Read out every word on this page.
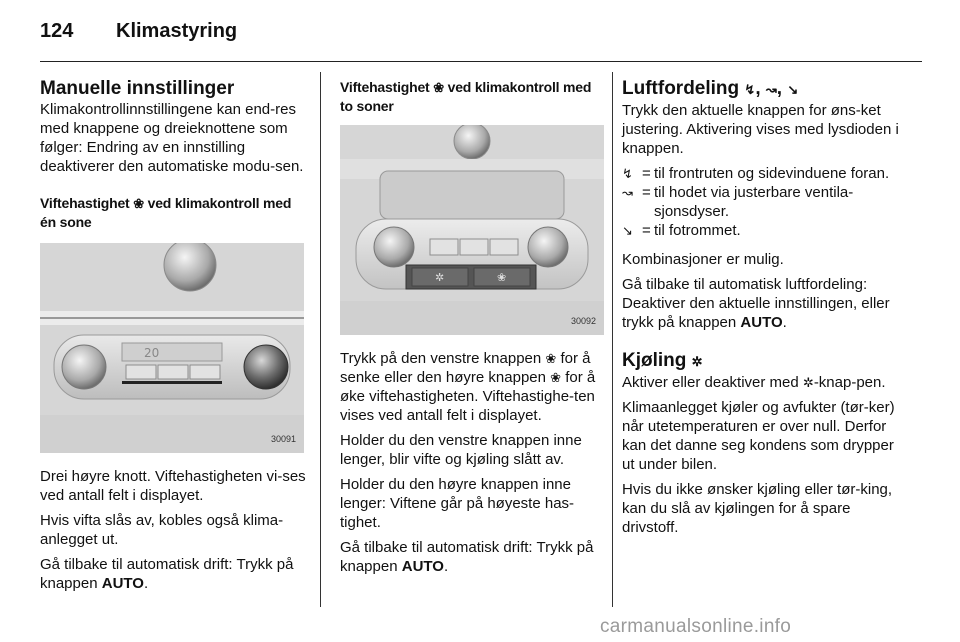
124 Klimastyring
Manuelle innstillinger

Klimakontrollinnstillingene kan end-res med knappene og dreieknottene som følger: Endring av en innstilling deaktiverer den automatiske modu-sen.

Viftehastighet ❀ ved klimakontroll med én sone
20
30091

Drei høyre knott. Viftehastigheten vi-ses ved antall felt i displayet.

Hvis vifta slås av, kobles også klima-anlegget ut.

Gå tilbake til automatisk drift: Trykk på knappen AUTO.

Viftehastighet ❀ ved klimakontroll med to soner
✲	❀
30092

Trykk på den venstre knappen ❀ for å senke eller den høyre knappen ❀ for å øke viftehastigheten. Viftehastighe-ten vises ved antall felt i displayet.

Holder du den venstre knappen inne lenger, blir vifte og kjøling slått av.

Holder du den høyre knappen inne lenger: Viftene går på høyeste has-tighet.

Gå tilbake til automatisk drift: Trykk på knappen AUTO.

Luftfordeling ↯, ↝, ↘

Trykk den aktuelle knappen for øns-ket justering. Aktivering vises med lysdioden i knappen.

↯ = til frontruten og sidevinduene foran.
↝ = til hodet via justerbare ventila-sjonsdyser.
↘ = til fotrommet.

Kombinasjoner er mulig.

Gå tilbake til automatisk luftfordeling: Deaktiver den aktuelle innstillingen, eller trykk på knappen AUTO.

Kjøling ✲

Aktiver eller deaktiver med ✲-knap-pen.

Klimaanlegget kjøler og avfukter (tør-ker) når utetemperaturen er over null. Derfor kan det danne seg kondens som drypper ut under bilen.

Hvis du ikke ønsker kjøling eller tør-king, kan du slå av kjølingen for å spare drivstoff.

carmanualsonline.info
